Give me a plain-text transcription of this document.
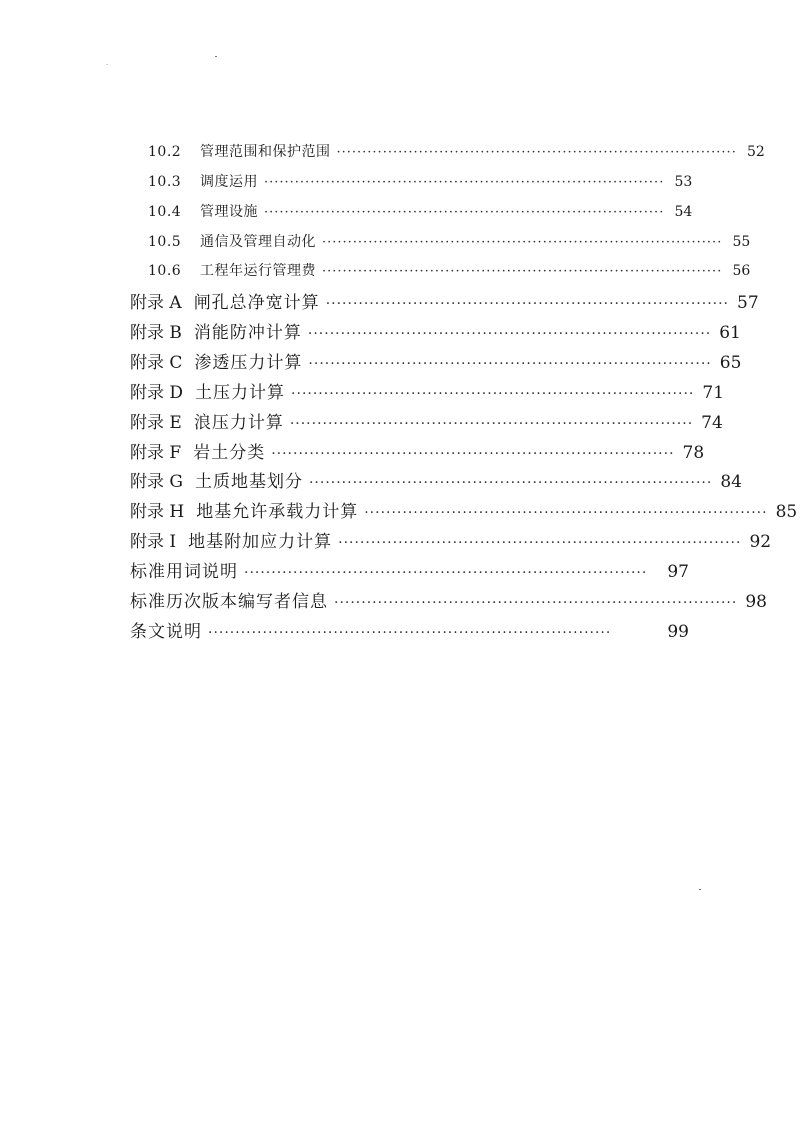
10.2	管理范围和保护范围 ·············································································· 52
10.3	调度运用 ·············································································· 53
10.4	管理设施 ·············································································· 54
10.5	通信及管理自动化 ·············································································· 55
10.6	工程年运行管理费 ·············································································· 56
附录 A 闸孔总净宽计算 ·········································································· 57
附录 B 消能防冲计算 ·········································································· 61
附录 C 渗透压力计算 ·········································································· 65
附录 D 土压力计算 ·········································································· 71
附录 E 浪压力计算 ·········································································· 74
附录 F 岩土分类 ·········································································· 78
附录 G 土质地基划分 ·········································································· 84
附录 H 地基允许承载力计算 ·········································································· 85
附录 I 地基附加应力计算 ·········································································· 92
标准用词说明 ··········································································	97
标准历次版本编写者信息 ·········································································· 98
条文说明 ··········································································	99
